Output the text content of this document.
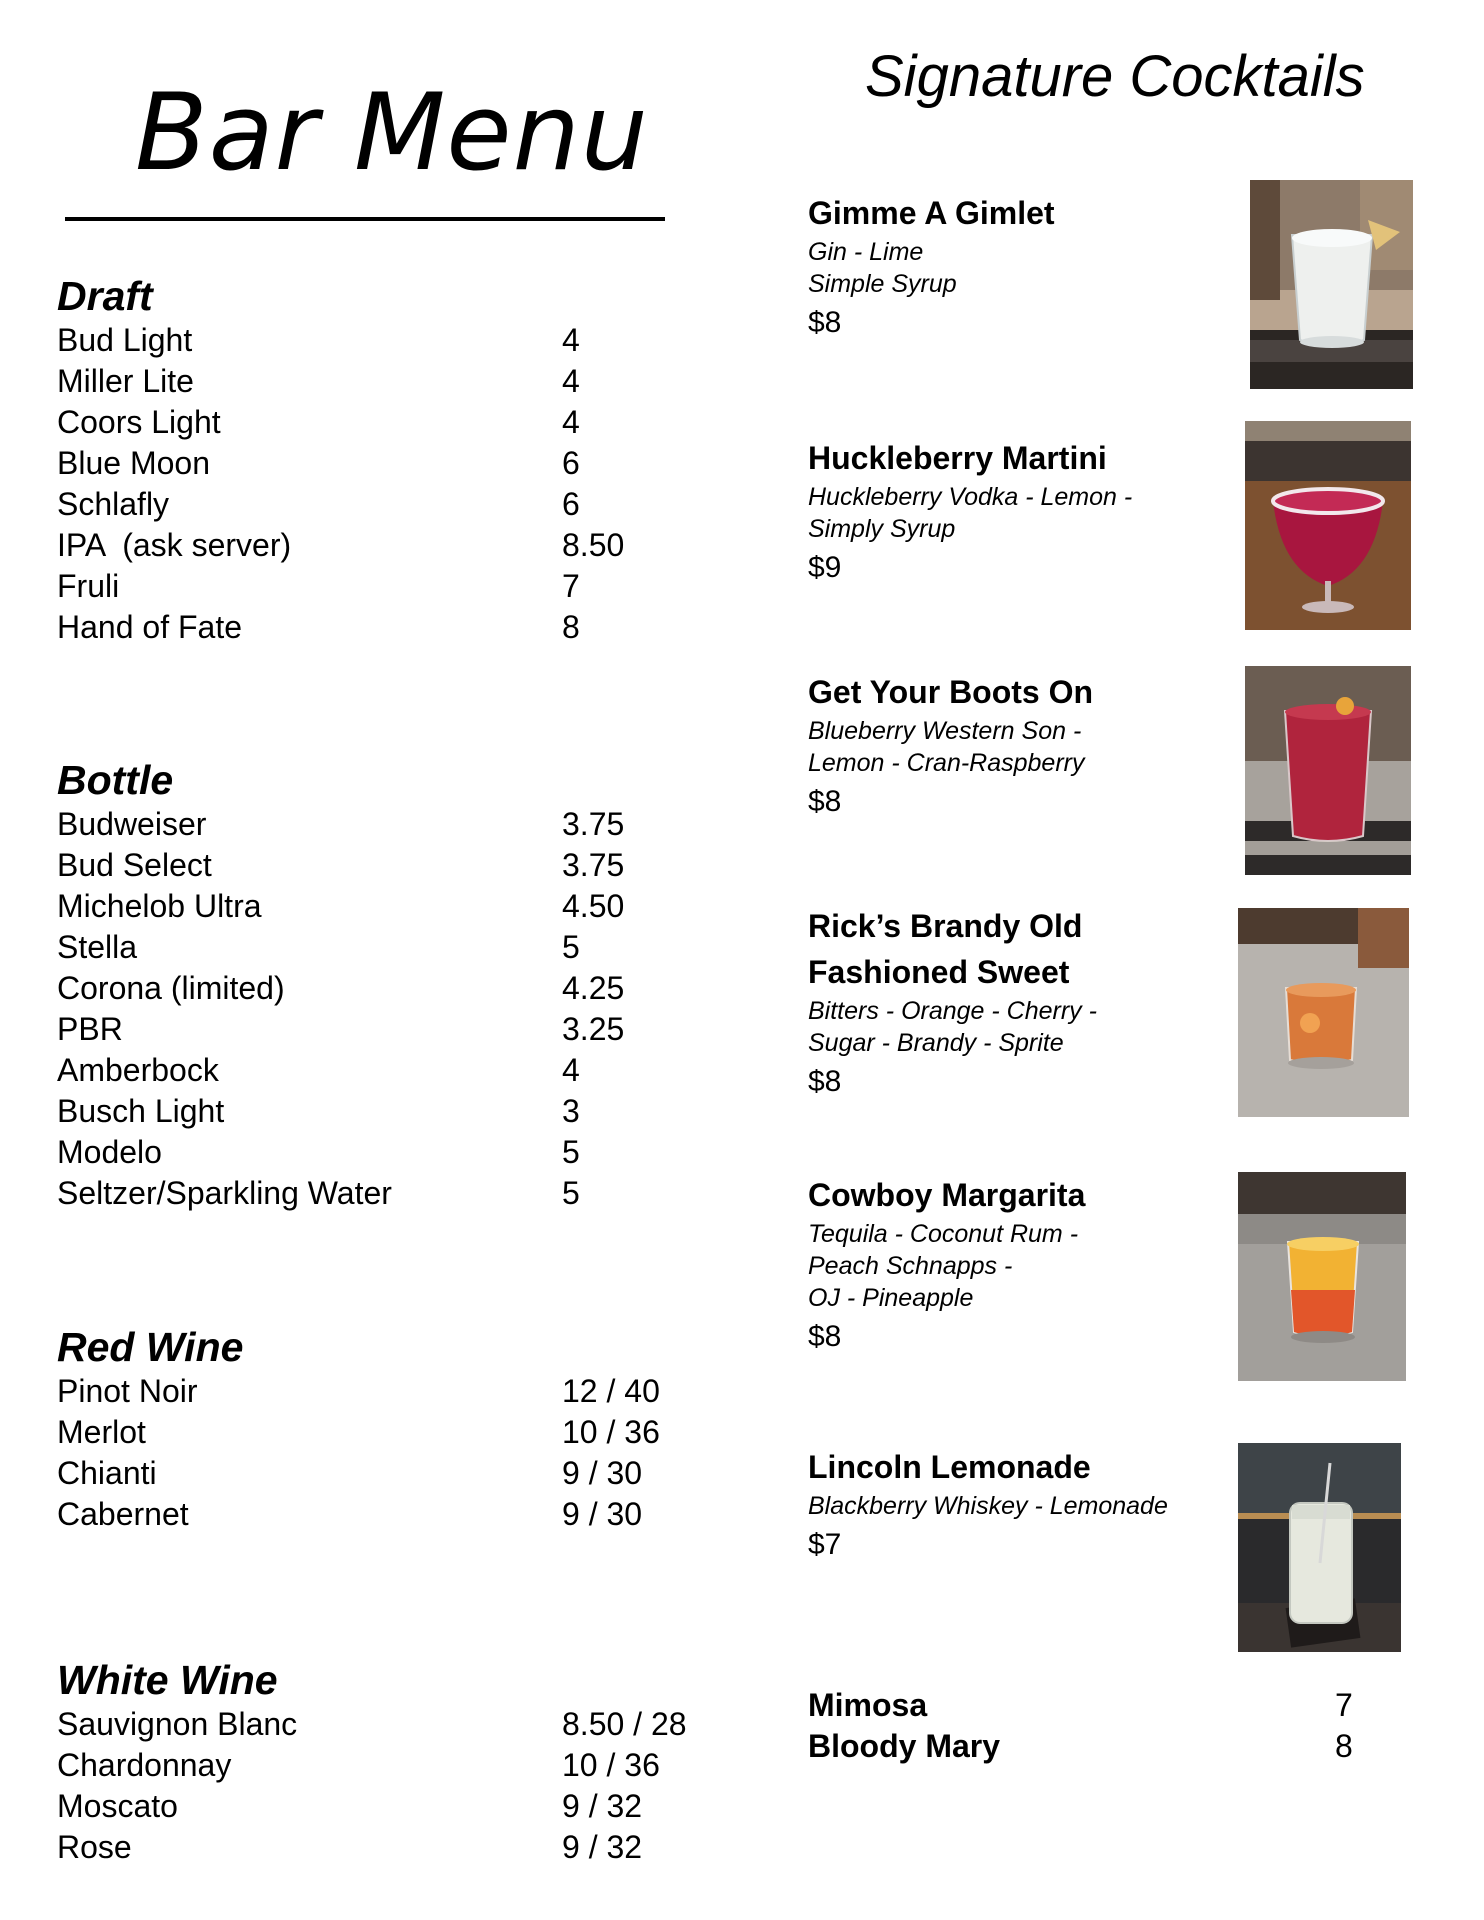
Bar Menu
Draft
Bud Light	4
Miller Lite	4
Coors Light	4
Blue Moon	6
Schlafly	6
IPA  (ask server)	8.50
Fruli	7
Hand of Fate	8
Bottle
Budweiser	3.75
Bud Select	3.75
Michelob Ultra	4.50
Stella	5
Corona (limited)	4.25
PBR	3.25
Amberbock	4
Busch Light	3
Modelo	5
Seltzer/Sparkling Water	5
Red Wine
Pinot Noir	12 / 40
Merlot	10 / 36
Chianti	9 / 30
Cabernet	9 / 30
White Wine
Sauvignon Blanc	8.50 / 28
Chardonnay	10 / 36
Moscato	9 / 32
Rose	9 / 32
Signature Cocktails
Gimme A Gimlet
Gin - Lime
Simple Syrup
$8
Huckleberry Martini
Huckleberry Vodka - Lemon -
Simply Syrup
$9
Get Your Boots On
Blueberry Western Son -
Lemon - Cran-Raspberry
$8
Rick’s Brandy Old
Fashioned Sweet
Bitters - Orange - Cherry -
Sugar - Brandy - Sprite
$8
Cowboy Margarita
Tequila - Coconut Rum -
Peach Schnapps -
OJ - Pineapple
$8
Lincoln Lemonade
Blackberry Whiskey - Lemonade
$7
Mimosa	7
Bloody Mary	8
